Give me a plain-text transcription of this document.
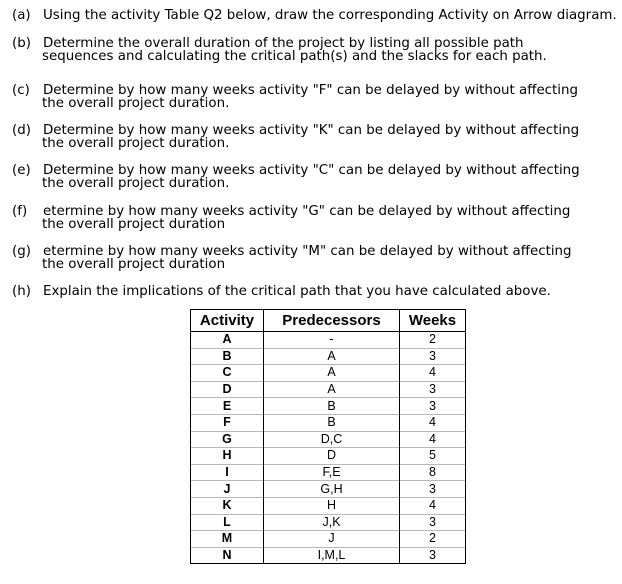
(a) Using the activity Table Q2 below, draw the corresponding Activity on Arrow diagram.
(b) Determine the overall duration of the project by listing all possible path
sequences and calculating the critical path(s) and the slacks for each path.
(c) Determine by how many weeks activity "F" can be delayed by without affecting
the overall project duration.
(d) Determine by how many weeks activity "K" can be delayed by without affecting
the overall project duration.
(e) Determine by how many weeks activity "C" can be delayed by without affecting
the overall project duration.
(f) etermine by how many weeks activity "G" can be delayed by without affecting
the overall project duration
(g) etermine by how many weeks activity "M" can be delayed by without affecting
the overall project duration
(h) Explain the implications of the critical path that you have calculated above.
Activity	Predecessors	Weeks
A	-	2
B	A	3
C	A	4
D	A	3
E	B	3
F	B	4
G	D,C	4
H	D	5
I	F,E	8
J	G,H	3
K	H	4
L	J,K	3
M	J	2
N	I,M,L	3
